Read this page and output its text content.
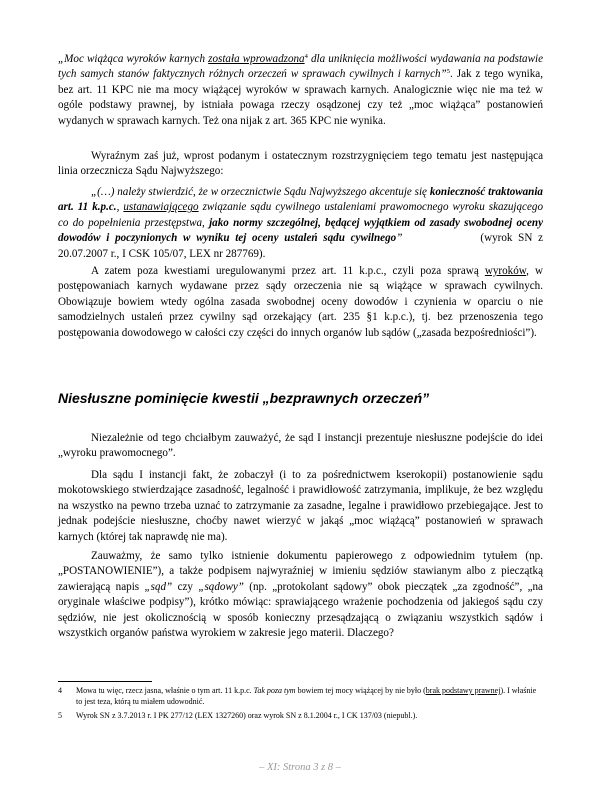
„Moc wiążąca wyroków karnych została wprowadzona$^4$ dla uniknięcia możliwości wydawania na podstawie tych samych stanów faktycznych różnych orzeczeń w sprawach cywilnych i karnych”$^5$. Jak z tego wynika, bez art. 11 KPC nie ma mocy wiążącej wyroków w sprawach karnych. Analogicznie więc nie ma też w ogóle podstawy prawnej, by istniała powaga rzeczy osądzonej czy też „moc wiążąca” postanowień wydanych w sprawach karnych. Też ona nijak z art. 365 KPC nie wynika.

Wyraźnym zaś już, wprost podanym i ostatecznym rozstrzygnięciem tego tematu jest następująca linia orzecznicza Sądu Najwyższego:

„(…) należy stwierdzić, że w orzecznictwie Sądu Najwyższego akcentuje się konieczność traktowania art. 11 k.p.c., ustanawiającego związanie sądu cywilnego ustaleniami prawomocnego wyroku skazującego co do popełnienia przestępstwa, jako normy szczególnej, będącej wyjątkiem od zasady swobodnej oceny dowodów i poczynionych w wyniku tej oceny ustaleń sądu cywilnego”	(wyrok SN z 20.07.2007 r., I CSK 105/07, LEX nr 287769).

A zatem poza kwestiami uregulowanymi przez art. 11 k.p.c., czyli poza sprawą wyroków, w postępowaniach karnych wydawane przez sądy orzeczenia nie są wiążące w sprawach cywilnych. Obowiązuje bowiem wtedy ogólna zasada swobodnej oceny dowodów i czynienia w oparciu o nie samodzielnych ustaleń przez cywilny sąd orzekający (art. 235 §1 k.p.c.), tj. bez przenoszenia tego postępowania dowodowego w całości czy części do innych organów lub sądów („zasada bezpośredniości”).

Niesłuszne pominięcie kwestii „bezprawnych orzeczeń”

Niezależnie od tego chciałbym zauważyć, że sąd I instancji prezentuje niesłuszne podejście do idei „wyroku prawomocnego”.

Dla sądu I instancji fakt, że zobaczył (i to za pośrednictwem kserokopii) postanowienie sądu mokotowskiego stwierdzające zasadność, legalność i prawidłowość zatrzymania, implikuje, że bez względu na wszystko na pewno trzeba uznać to zatrzymanie za zasadne, legalne i prawidłowo przebiegające. Jest to jednak podejście niesłuszne, choćby nawet wierzyć w jakąś „moc wiążącą” postanowień w sprawach karnych (której tak naprawdę nie ma).

Zauważmy, że samo tylko istnienie dokumentu papierowego z odpowiednim tytułem (np. „POSTANOWIENIE”), a także podpisem najwyraźniej w imieniu sędziów stawianym albo z pieczątką zawierającą napis „sąd” czy „sądowy” (np. „protokolant sądowy” obok pieczątek „za zgodność”, „na oryginale właściwe podpisy”), krótko mówiąc: sprawiającego wrażenie pochodzenia od jakiegoś sądu czy sędziów, nie jest okolicznością w sposób konieczny przesądzającą o związaniu wszystkich sądów i wszystkich organów państwa wyrokiem w zakresie jego materii. Dlaczego?

4 Mowa tu więc, rzecz jasna, właśnie o tym art. 11 k.p.c. Tak poza tym bowiem tej mocy wiążącej by nie było (brak podstawy prawnej). I właśnie to jest teza, którą tu miałem udowodnić.
5 Wyrok SN z 3.7.2013 r. I PK 277/12 (LEX 1327260) oraz wyrok SN z 8.1.2004 r., I CK 137/03 (niepubl.).
– XI: Strona 3 z 8 –
